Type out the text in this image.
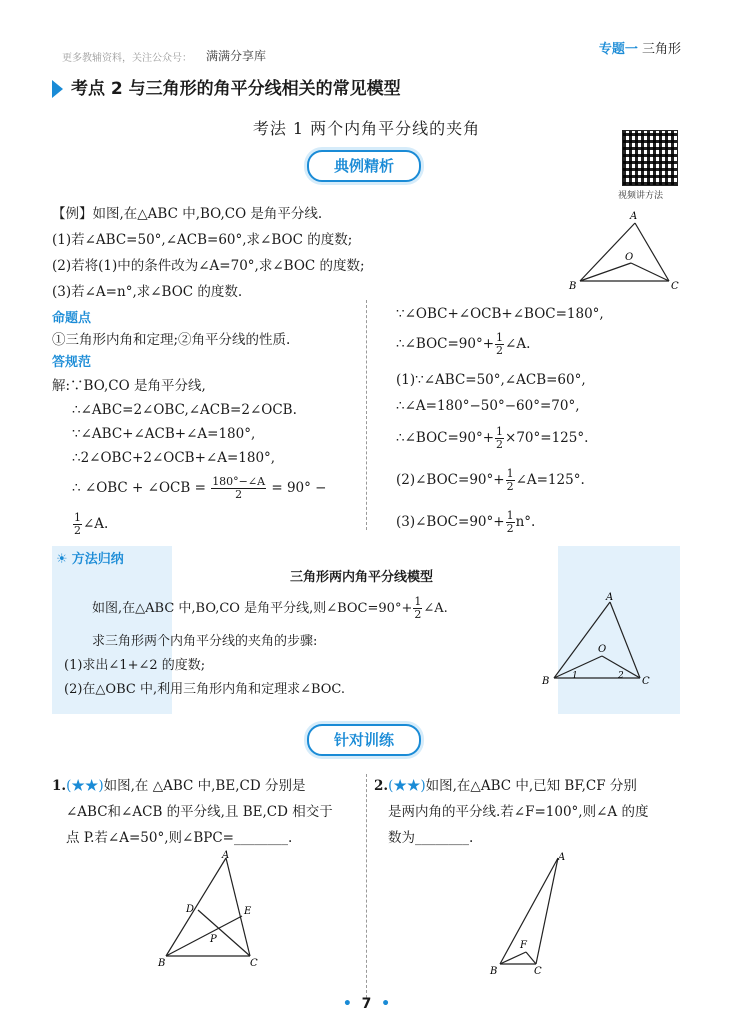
更多教辅资料，关注公众号： 满满分享库	专题一 三角形
考点 2 与三角形的角平分线相关的常见模型
考法 1 两个内角平分线的夹角
典例精析
视频讲方法
【例】如图,在△ABC 中,BO,CO 是角平分线.
(1)若∠ABC=50°,∠ACB=60°,求∠BOC 的度数;
(2)若将(1)中的条件改为∠A=70°,求∠BOC 的度数;
(3)若∠A=n°,求∠BOC 的度数.
A
B	C
O
命题点
①三角形内角和定理;②角平分线的性质.
答规范
解:∵BO,CO 是角平分线,
∴∠ABC=2∠OBC,∠ACB=2∠OCB.
∵∠ABC+∠ACB+∠A=180°,
∴2∠OBC+2∠OCB+∠A=180°,
∴ ∠OBC + ∠OCB = $\frac{180^\circ-\angle A}{2} = 90^\circ$ −
$\frac{1}{2}$ ∠A.
∵∠OBC+∠OCB+∠BOC=180°,
∴∠BOC=90°+ $\frac{1}{2}$ ∠A.
(1)∵∠ABC=50°,∠ACB=60°,
∴∠A=180°−50°−60°=70°,
∴∠BOC=90°+ $\frac{1}{2} \times 70^\circ=125^\circ$.
(2)∠BOC=90°+ $\frac{1}{2}$ ∠A=125°.
(3)∠BOC=90°+ $\frac{1}{2} n^\circ$.
☀ 方法归纳
三角形两内角平分线模型
如图,在△ABC 中,BO,CO 是角平分线,则∠BOC=90°+ $\frac{1}{2}$ ∠A.
求三角形两个内角平分线的夹角的步骤:
(1)求出∠1+∠2 的度数;
(2)在△OBC 中,利用三角形内角和定理求∠BOC.
A
B	C
O
1	2
针对训练
1.(★★)如图,在 △ABC 中,BE,CD 分别是
∠ABC和∠ACB 的平分线,且 BE,CD 相交于
点 P.若∠A=50°,则∠BPC=________.
A
B	C
D	E
P
2.(★★)如图,在△ABC 中,已知 BF,CF 分别
是两内角的平分线.若∠F=100°,则∠A 的度
数为________.
A
B	C
F
• 7 •
